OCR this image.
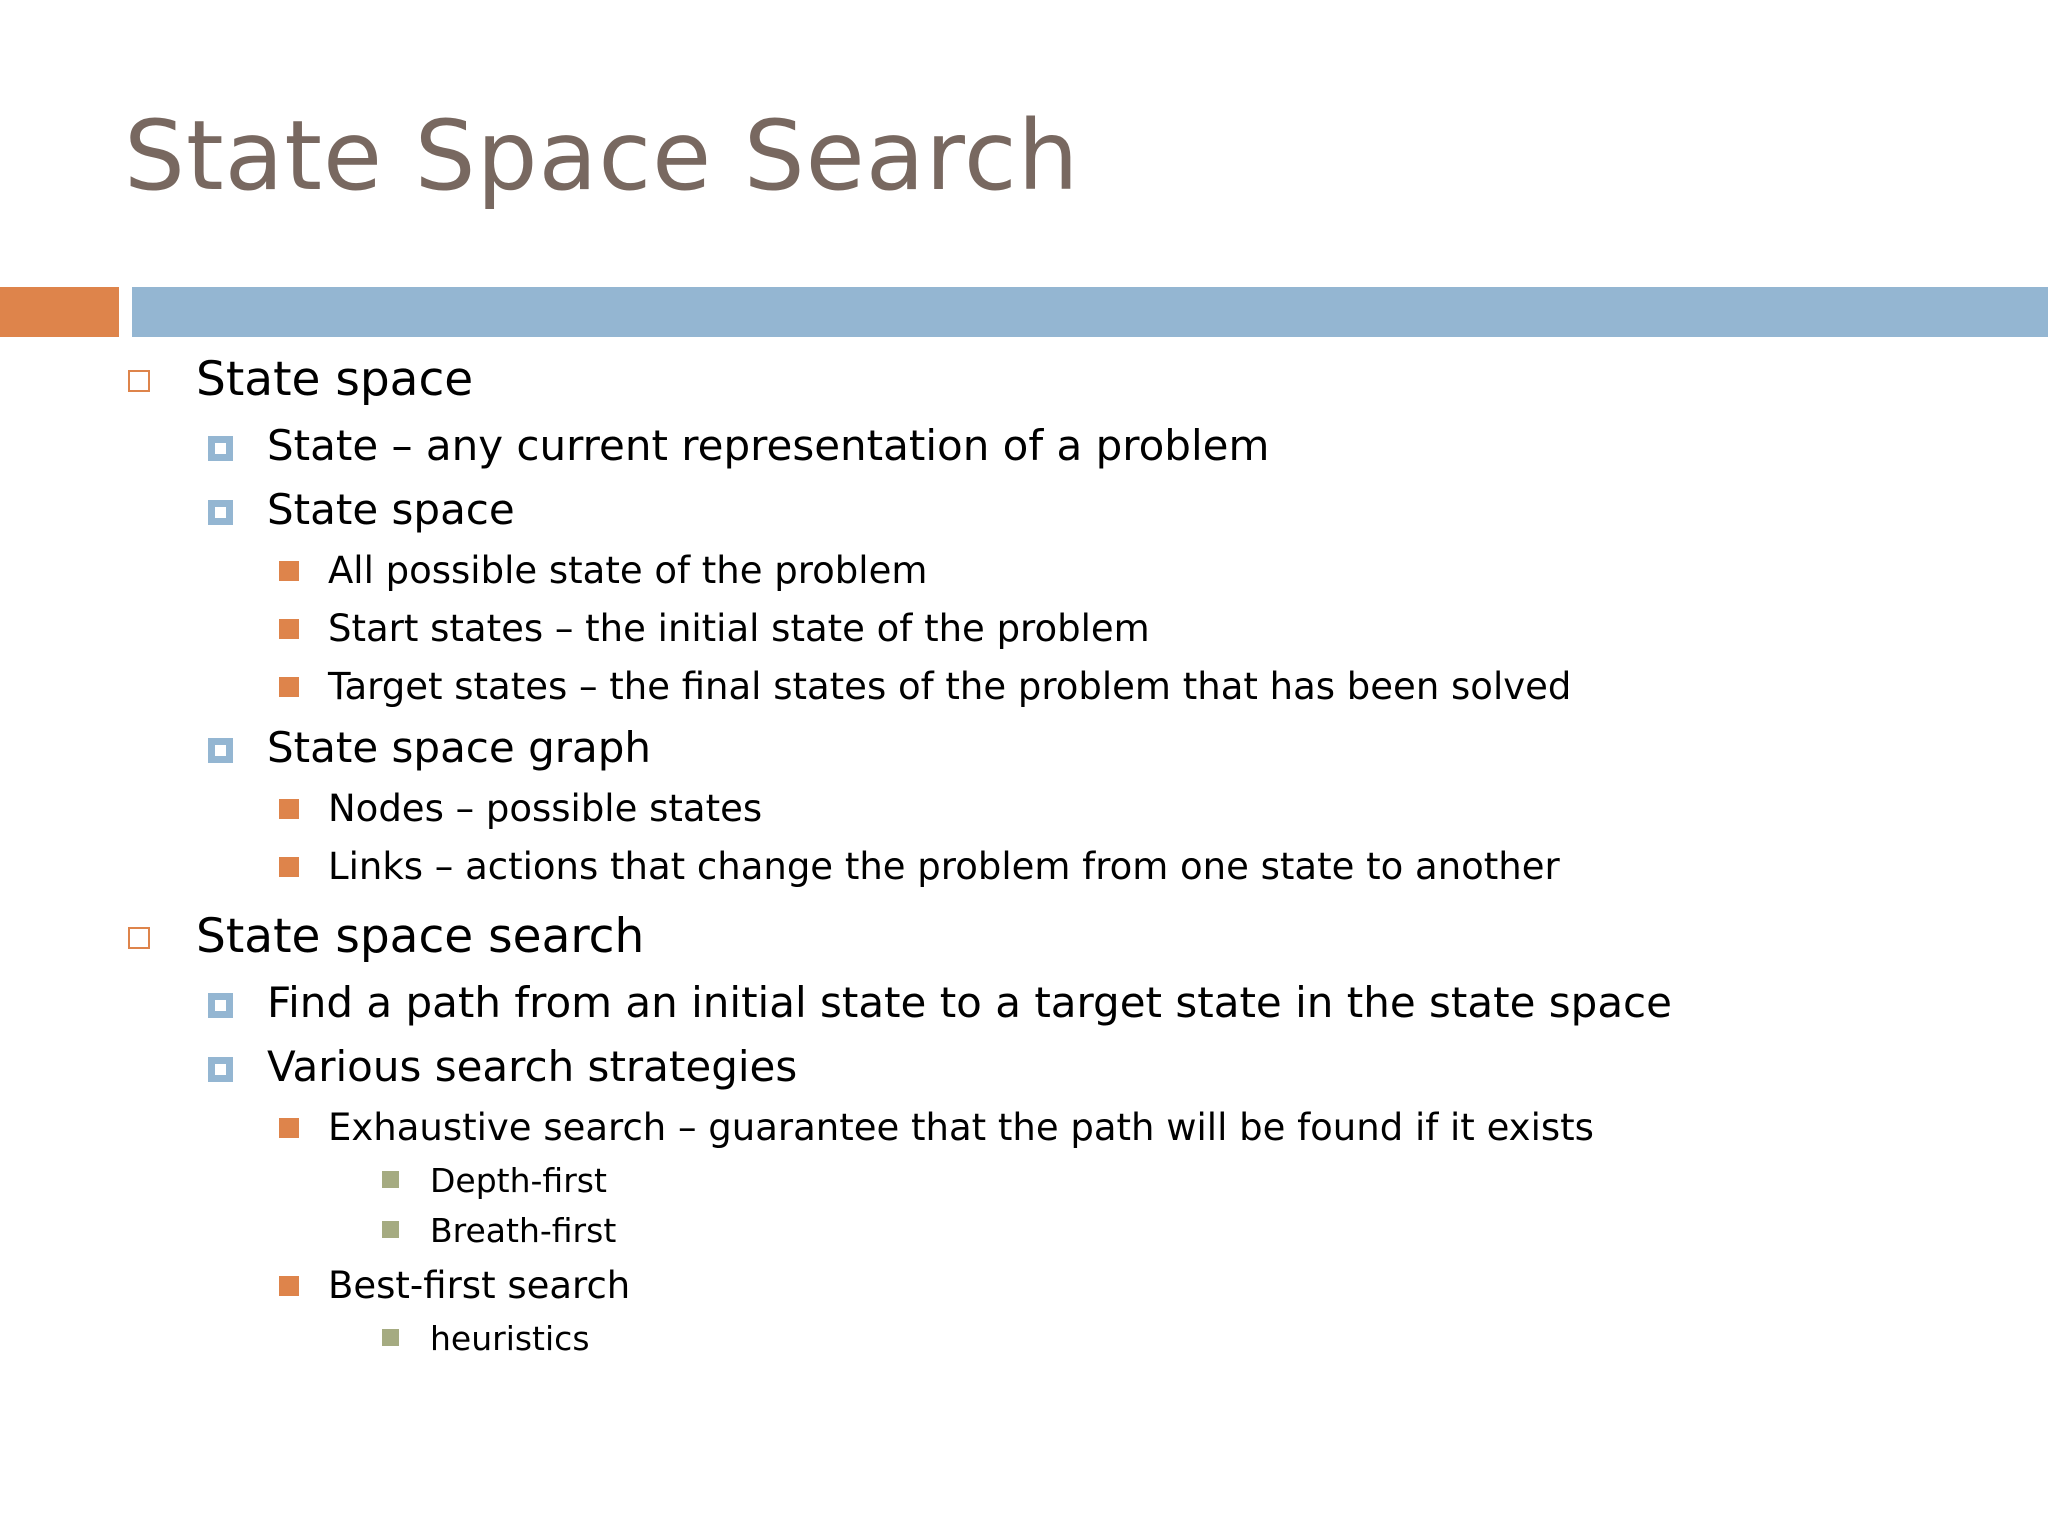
State Space Search
State space
State – any current representation of a problem
State space
All possible state of the problem
Start states – the initial state of the problem
Target states – the final states of the problem that has been solved
State space graph
Nodes – possible states
Links – actions that change the problem from one state to another
State space search
Find a path from an initial state to a target state in the state space
Various search strategies
Exhaustive search – guarantee that the path will be found if it exists
Depth-first
Breath-first
Best-first search
heuristics
